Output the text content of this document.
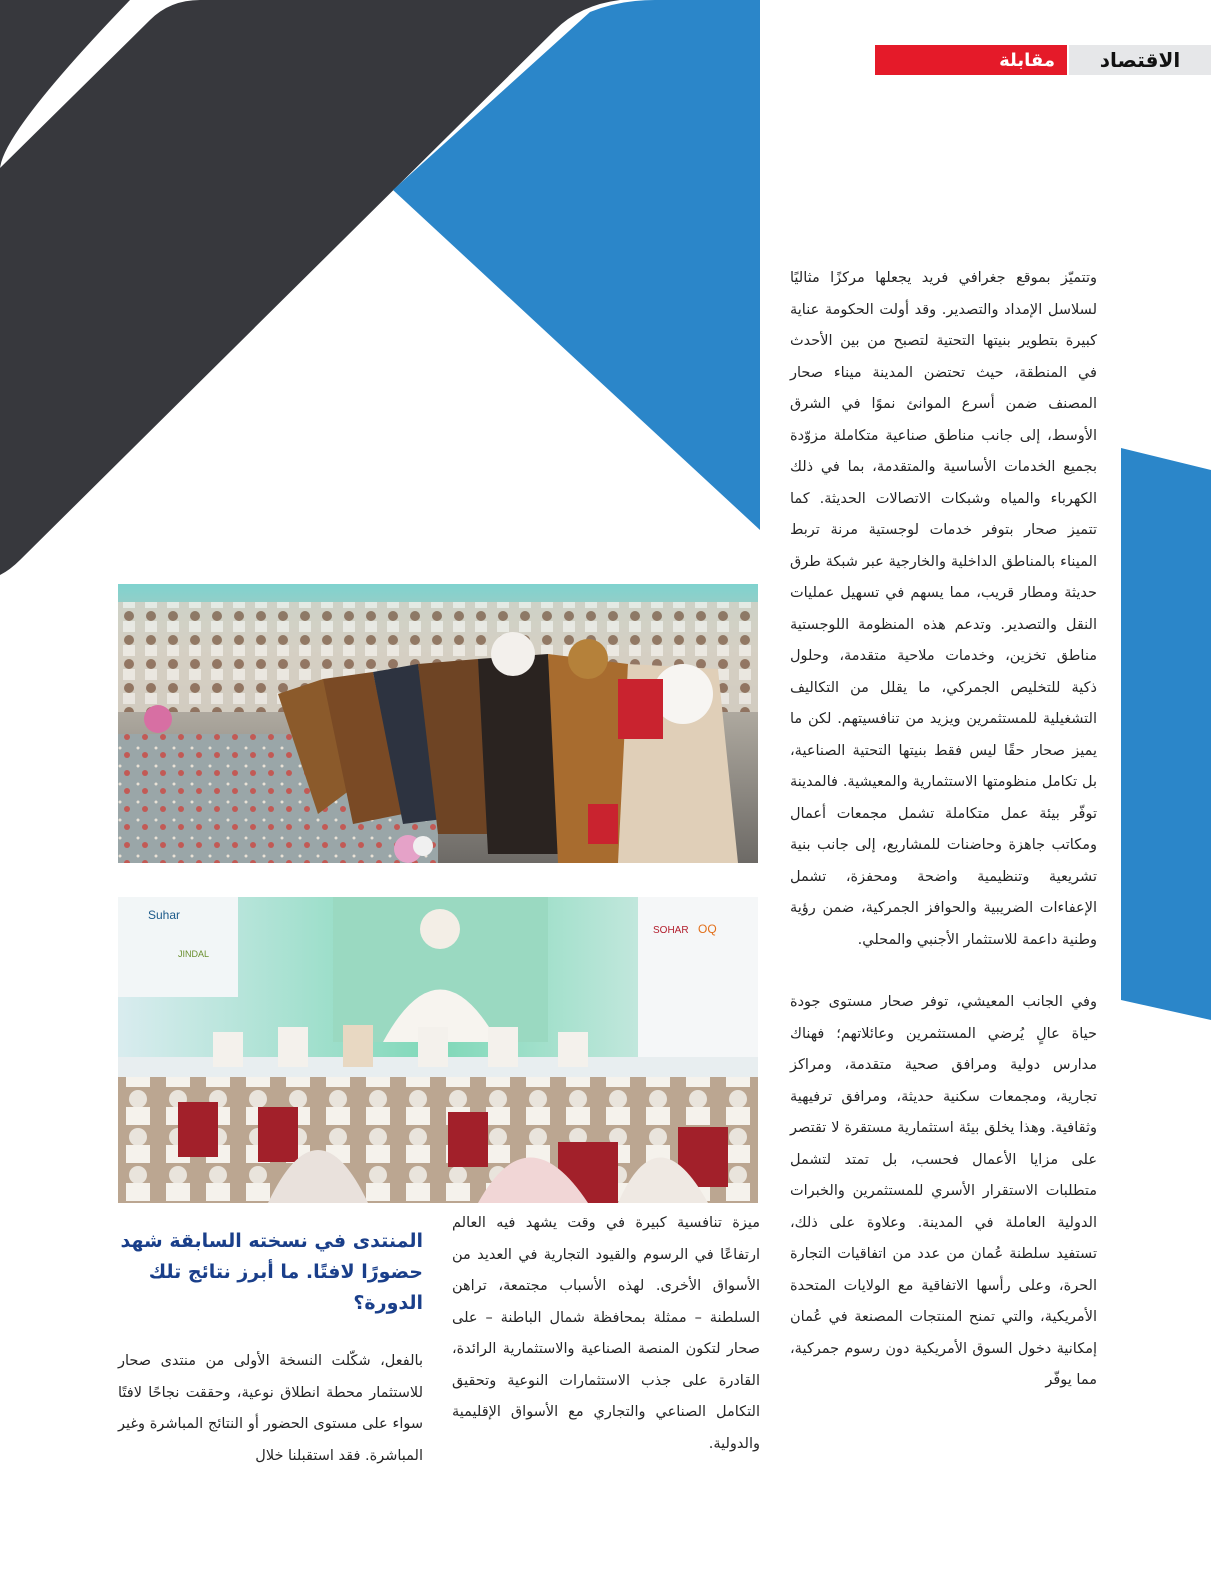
مقابلة	الاقتصاد

وتتميّز بموقع جغرافي فريد يجعلها مركزًا مثاليًا لسلاسل الإمداد والتصدير. وقد أولت الحكومة عناية كبيرة بتطوير بنيتها التحتية لتصبح من بين الأحدث في المنطقة، حيث تحتضن المدينة ميناء صحار المصنف ضمن أسرع الموانئ نموًا في الشرق الأوسط، إلى جانب مناطق صناعية متكاملة مزوّدة بجميع الخدمات الأساسية والمتقدمة، بما في ذلك الكهرباء والمياه وشبكات الاتصالات الحديثة. كما تتميز صحار بتوفر خدمات لوجستية مرنة تربط الميناء بالمناطق الداخلية والخارجية عبر شبكة طرق حديثة ومطار قريب، مما يسهم في تسهيل عمليات النقل والتصدير. وتدعم هذه المنظومة اللوجستية مناطق تخزين، وخدمات ملاحية متقدمة، وحلول ذكية للتخليص الجمركي، ما يقلل من التكاليف التشغيلية للمستثمرين ويزيد من تنافسيتهم. لكن ما يميز صحار حقًا ليس فقط بنيتها التحتية الصناعية، بل تكامل منظومتها الاستثمارية والمعيشية. فالمدينة توفّر بيئة عمل متكاملة تشمل مجمعات أعمال ومكاتب جاهزة وحاضنات للمشاريع، إلى جانب بنية تشريعية وتنظيمية واضحة ومحفزة، تشمل الإعفاءات الضريبية والحوافز الجمركية، ضمن رؤية وطنية داعمة للاستثمار الأجنبي والمحلي.

وفي الجانب المعيشي، توفر صحار مستوى جودة حياة عالٍ يُرضي المستثمرين وعائلاتهم؛ فهناك مدارس دولية ومرافق صحية متقدمة، ومراكز تجارية، ومجمعات سكنية حديثة، ومرافق ترفيهية وثقافية. وهذا يخلق بيئة استثمارية مستقرة لا تقتصر على مزايا الأعمال فحسب، بل تمتد لتشمل متطلبات الاستقرار الأسري للمستثمرين والخبرات الدولية العاملة في المدينة. وعلاوة على ذلك، تستفيد سلطنة عُمان من عدد من اتفاقيات التجارة الحرة، وعلى رأسها الاتفاقية مع الولايات المتحدة الأمريكية، والتي تمنح المنتجات المصنعة في عُمان إمكانية دخول السوق الأمريكية دون رسوم جمركية، مما يوفّر

Suhar
JINDAL
SOHAR OQ

ميزة تنافسية كبيرة في وقت يشهد فيه العالم ارتفاعًا في الرسوم والقيود التجارية في العديد من الأسواق الأخرى. لهذه الأسباب مجتمعة، تراهن السلطنة – ممثلة بمحافظة شمال الباطنة – على صحار لتكون المنصة الصناعية والاستثمارية الرائدة، القادرة على جذب الاستثمارات النوعية وتحقيق التكامل الصناعي والتجاري مع الأسواق الإقليمية والدولية.

المنتدى في نسخته السابقة شهد حضورًا لافتًا. ما أبرز نتائج تلك الدورة؟
بالفعل، شكّلت النسخة الأولى من منتدى صحار للاستثمار محطة انطلاق نوعية، وحققت نجاحًا لافتًا سواء على مستوى الحضور أو النتائج المباشرة وغير المباشرة. فقد استقبلنا خلال
